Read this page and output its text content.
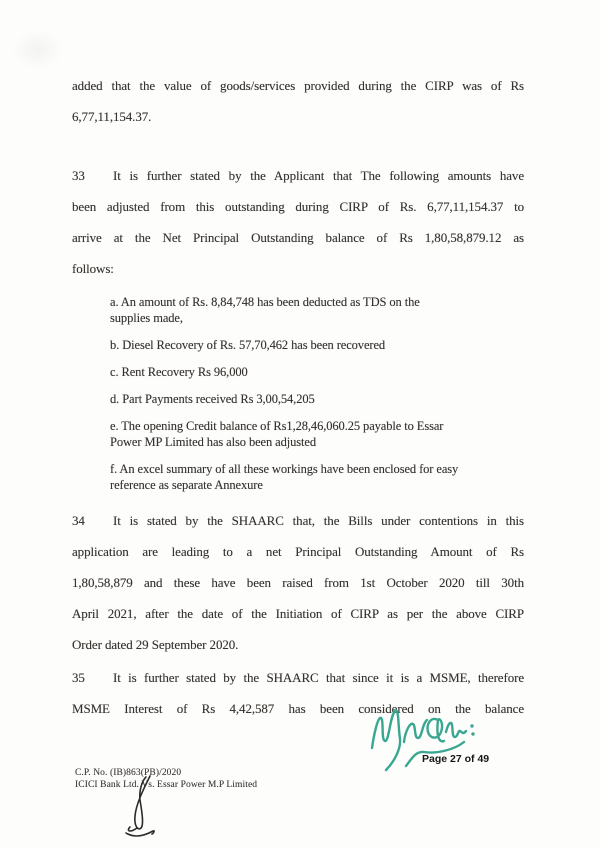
added that the value of goods/services provided during the CIRP was of Rs
6,77,11,154.37.
33 It is further stated by the Applicant that The following amounts have
been adjusted from this outstanding during CIRP of Rs. 6,77,11,154.37 to
arrive at the Net Principal Outstanding balance of Rs 1,80,58,879.12 as
follows:
a. An amount of Rs. 8,84,748 has been deducted as TDS on the
supplies made,
b. Diesel Recovery of Rs. 57,70,462 has been recovered
c. Rent Recovery Rs 96,000
d. Part Payments received Rs 3,00,54,205
e. The opening Credit balance of Rs1,28,46,060.25 payable to Essar
Power MP Limited has also been adjusted
f. An excel summary of all these workings have been enclosed for easy
reference as separate Annexure
34 It is stated by the SHAARC that, the Bills under contentions in this
application are leading to a net Principal Outstanding Amount of Rs
1,80,58,879 and these have been raised from 1st October 2020 till 30th
April 2021, after the date of the Initiation of CIRP as per the above CIRP
Order dated 29 September 2020.
35 It is further stated by the SHAARC that since it is a MSME, therefore
MSME Interest of Rs 4,42,587 has been considered on the balance
Page 27 of 49
C.P. No. (IB)863(PB)/2020
ICICI Bank Ltd. Vs. Essar Power M.P Limited
